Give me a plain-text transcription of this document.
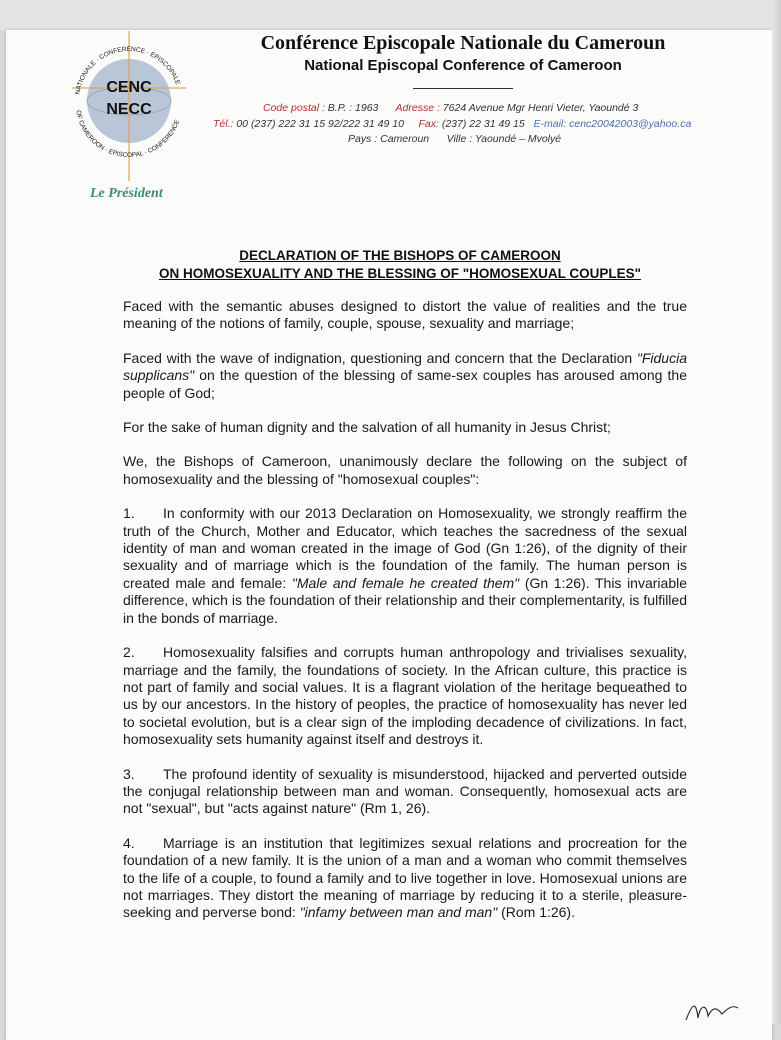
NATIONALE · CONFERENCE · EPISCOPALE
OF CAMEROON · EPISCOPAL · CONFERENCE
CENC
NECC
Conférence Episcopale Nationale du Cameroun
National Episcopal Conference of Cameroon
Code postal : B.P. : 1963 Adresse : 7624 Avenue Mgr Henri Vieter, Yaoundé 3
Tél.: 00 (237) 222 31 15 92/222 31 49 10 Fax: (237) 22 31 49 15 E-mail: cenc20042003@yahoo.ca
Pays : Cameroun Ville : Yaoundé – Mvolyé
Le Président
DECLARATION OF THE BISHOPS OF CAMEROON
ON HOMOSEXUALITY AND THE BLESSING OF "HOMOSEXUAL COUPLES"

Faced with the semantic abuses designed to distort the value of realities and the true meaning of the notions of family, couple, spouse, sexuality and marriage;

Faced with the wave of indignation, questioning and concern that the Declaration "Fiducia supplicans" on the question of the blessing of same-sex couples has aroused among the people of God;

For the sake of human dignity and the salvation of all humanity in Jesus Christ;

We, the Bishops of Cameroon, unanimously declare the following on the subject of homosexuality and the blessing of "homosexual couples":

1. In conformity with our 2013 Declaration on Homosexuality, we strongly reaffirm the truth of the Church, Mother and Educator, which teaches the sacredness of the sexual identity of man and woman created in the image of God (Gn 1:26), of the dignity of their sexuality and of marriage which is the foundation of the family. The human person is created male and female: "Male and female he created them" (Gn 1:26). This invariable difference, which is the foundation of their relationship and their complementarity, is fulfilled in the bonds of marriage.

2. Homosexuality falsifies and corrupts human anthropology and trivialises sexuality, marriage and the family, the foundations of society. In the African culture, this practice is not part of family and social values. It is a flagrant violation of the heritage bequeathed to us by our ancestors. In the history of peoples, the practice of homosexuality has never led to societal evolution, but is a clear sign of the imploding decadence of civilizations. In fact, homosexuality sets humanity against itself and destroys it.

3. The profound identity of sexuality is misunderstood, hijacked and perverted outside the conjugal relationship between man and woman. Consequently, homosexual acts are not "sexual", but "acts against nature" (Rm 1, 26).

4. Marriage is an institution that legitimizes sexual relations and procreation for the foundation of a new family. It is the union of a man and a woman who commit themselves to the life of a couple, to found a family and to live together in love. Homosexual unions are not marriages. They distort the meaning of marriage by reducing it to a sterile, pleasure-seeking and perverse bond: "infamy between man and man" (Rom 1:26).
